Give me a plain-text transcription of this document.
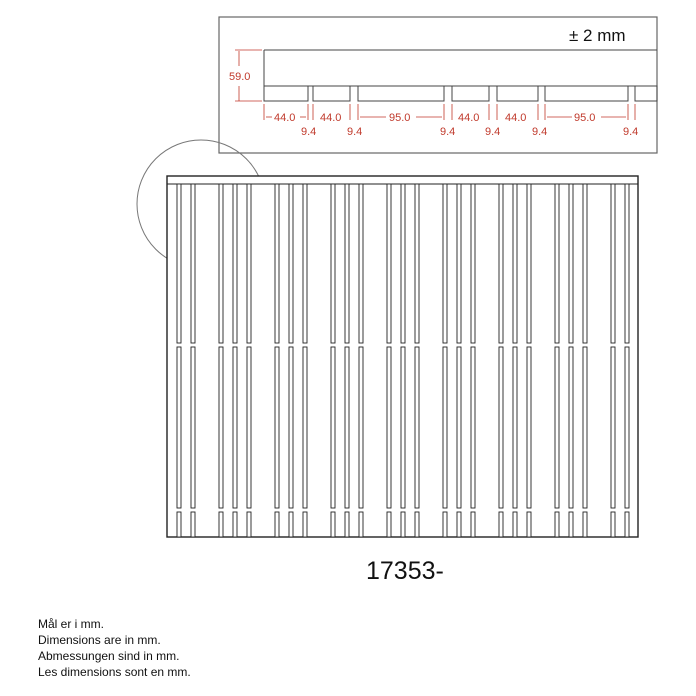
± 2 mm
59.0
44.0 44.0	95.0	44.0 44.0	95.0
9.4	9.4	9.4	9.4	9.4	9.4
17353-
Mål er i mm.
Dimensions are in mm.
Abmessungen sind in mm.
Les dimensions sont en mm.
